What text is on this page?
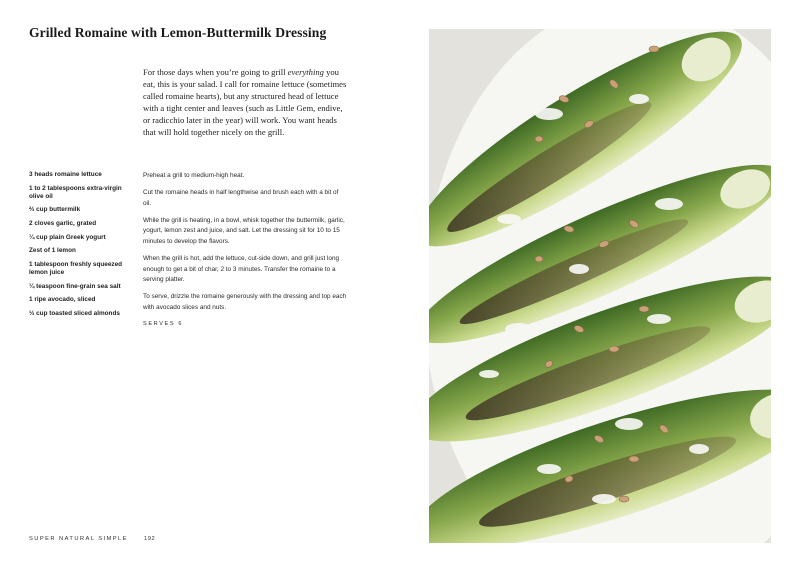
Grilled Romaine with Lemon-Buttermilk Dressing

For those days when you’re going to grill everything you eat, this is your salad. I call for romaine lettuce (sometimes called romaine hearts), but any structured head of lettuce with a tight center and leaves (such as Little Gem, endive, or radicchio later in the year) will work. You want heads that will hold together nicely on the grill.

3 heads romaine lettuce
1 to 2 tablespoons extra-virgin olive oil
⅔ cup buttermilk
2 cloves garlic, grated
¼ cup plain Greek yogurt
Zest of 1 lemon
1 tablespoon freshly squeezed lemon juice
¼ teaspoon fine-grain sea salt
1 ripe avocado, sliced
⅓ cup toasted sliced almonds

Preheat a grill to medium-high heat.

Cut the romaine heads in half lengthwise and brush each with a bit of oil.

While the grill is heating, in a bowl, whisk together the buttermilk, garlic, yogurt, lemon zest and juice, and salt. Let the dressing sit for 10 to 15 minutes to develop the flavors.

When the grill is hot, add the lettuce, cut-side down, and grill just long enough to get a bit of char, 2 to 3 minutes. Transfer the romaine to a serving platter.

To serve, drizzle the romaine generously with the dressing and top each with avocado slices and nuts.

SERVES 6

SUPER NATURAL SIMPLE	192
